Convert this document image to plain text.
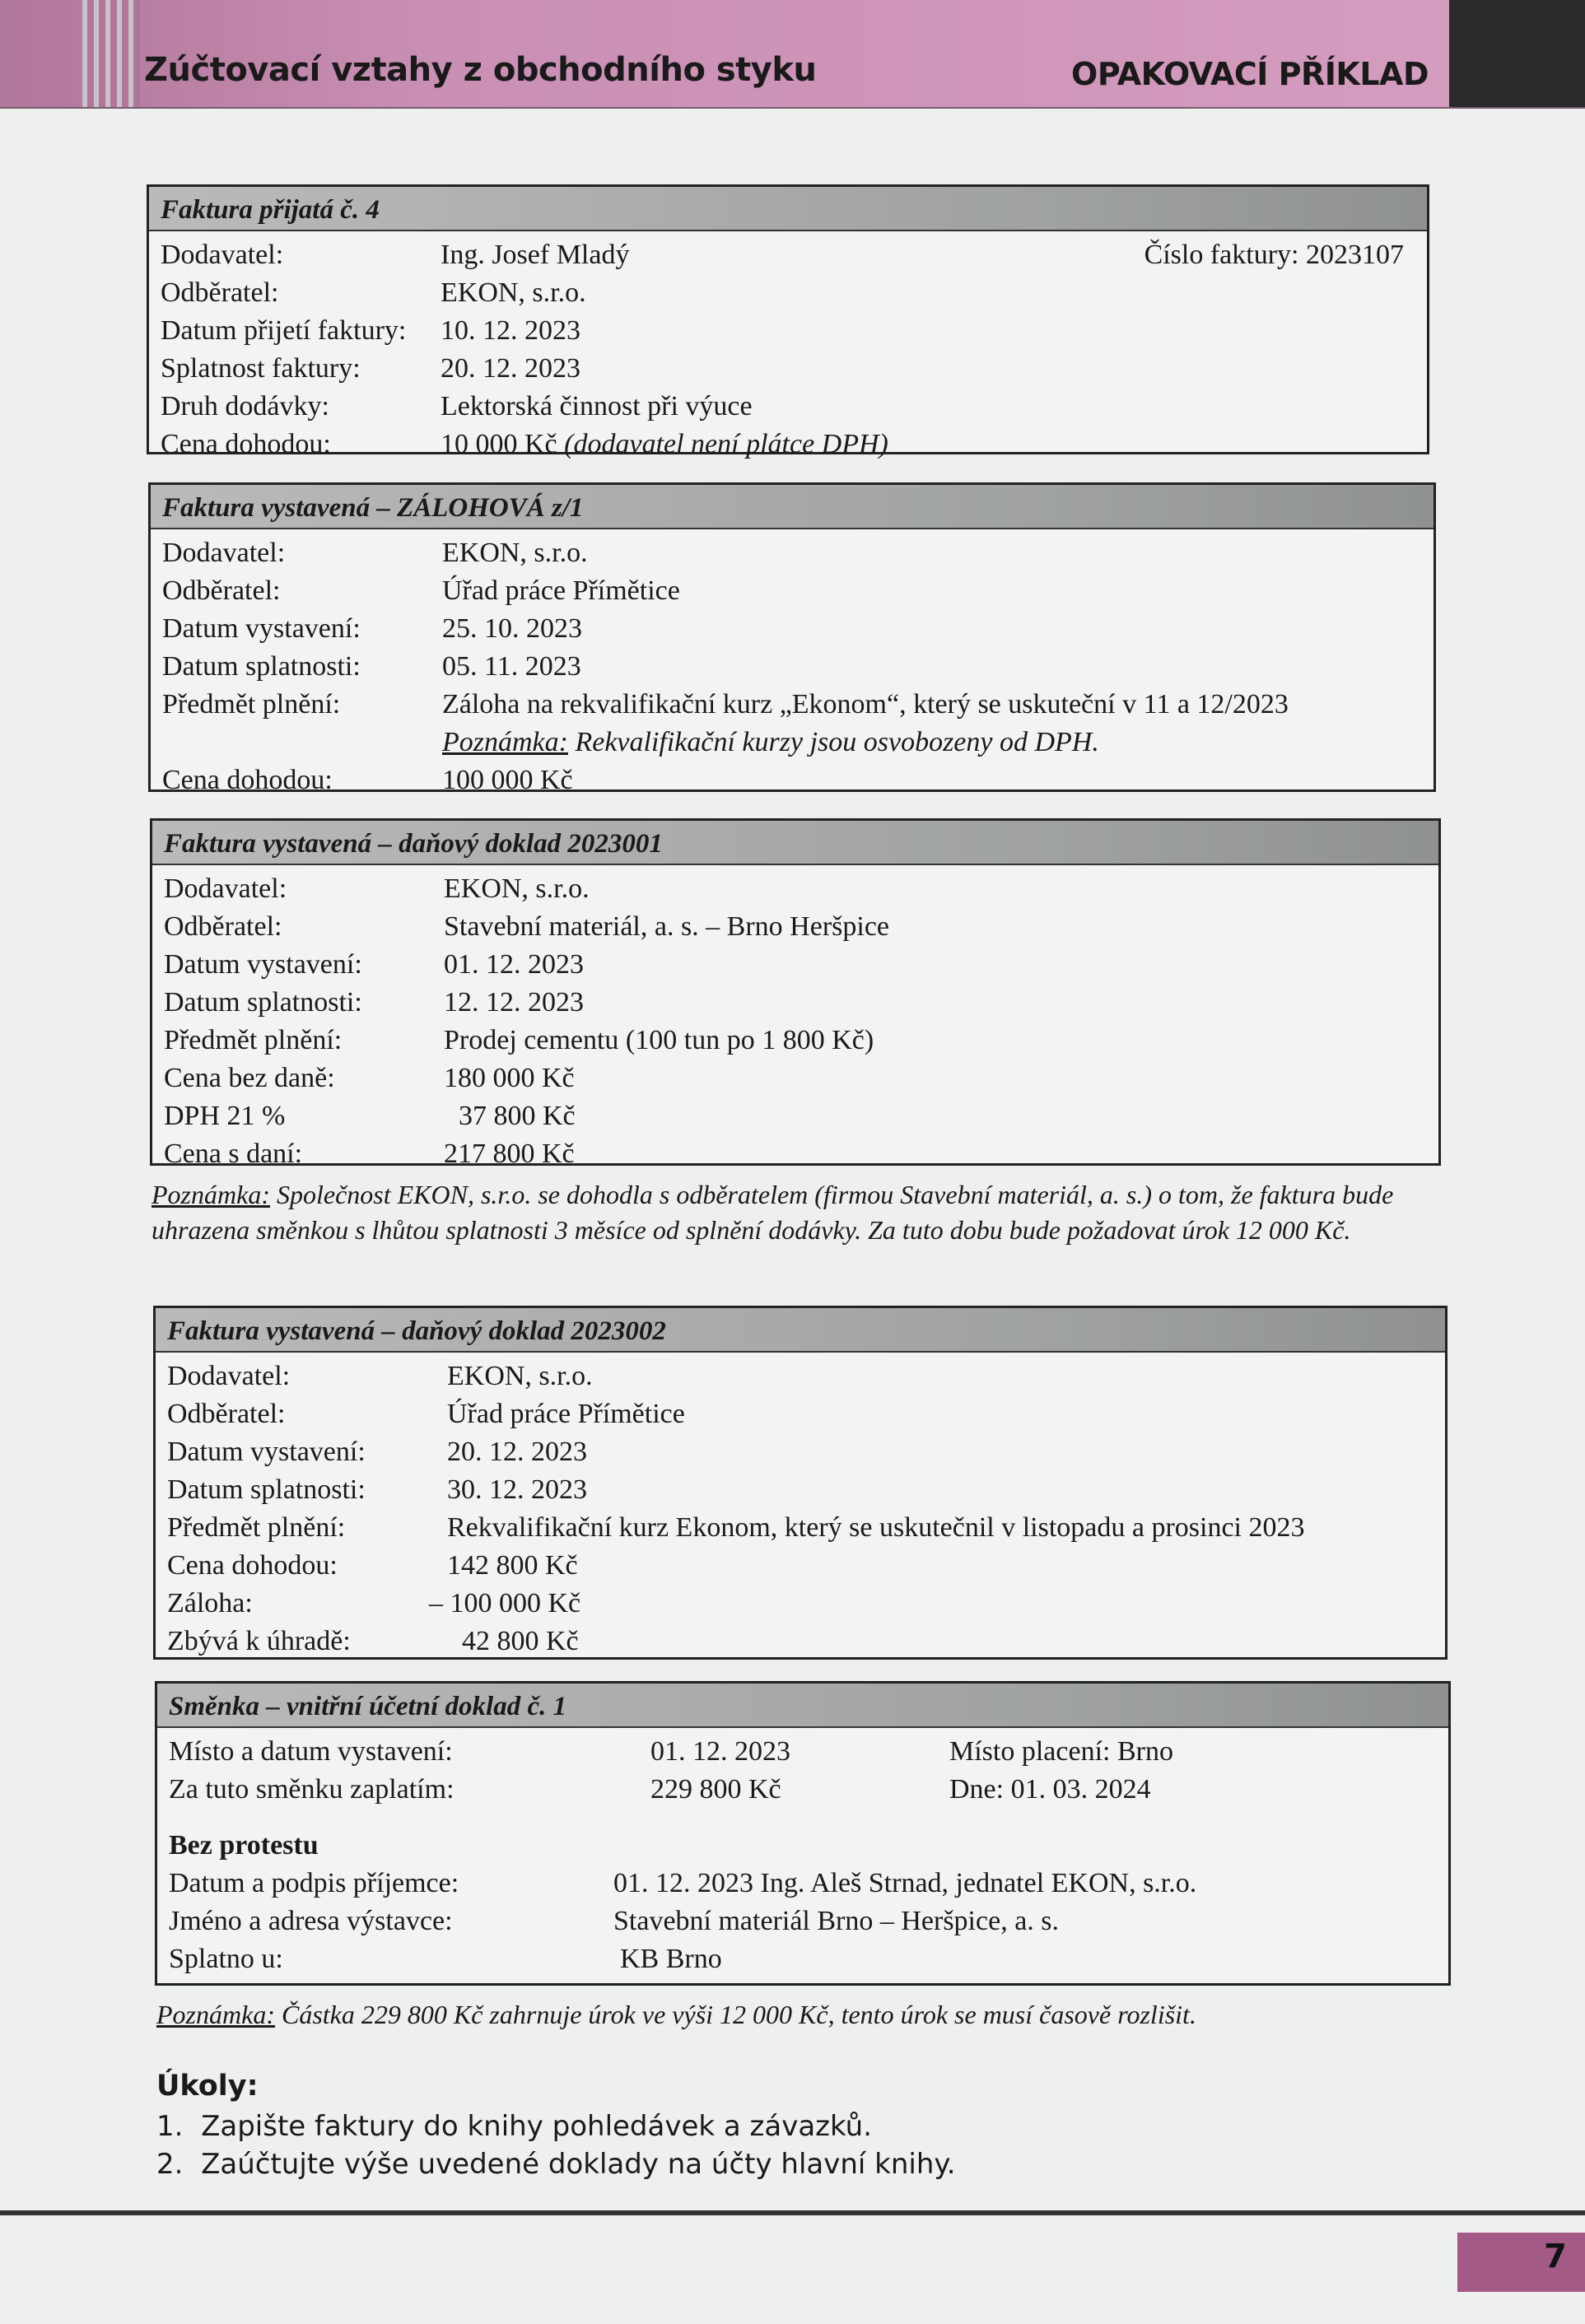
Zúčtovací vztahy z obchodního styku	OPAKOVACÍ PŘÍKLAD
Faktura přijatá č. 4
Dodavatel:	Ing. Josef Mladý	Číslo faktury: 2023107
Odběratel:	EKON, s.r.o.
Datum přijetí faktury: 10. 12. 2023
Splatnost faktury:	20. 12. 2023
Druh dodávky:	Lektorská činnost při výuce
Cena dohodou:	10 000 Kč (dodavatel není plátce DPH)
Faktura vystavená – ZÁLOHOVÁ z/1
Dodavatel:	EKON, s.r.o.
Odběratel:	Úřad práce Přímětice
Datum vystavení:	25. 10. 2023
Datum splatnosti:	05. 11. 2023
Předmět plnění:	Záloha na rekvalifikační kurz „Ekonom“, který se uskuteční v 11 a 12/2023
Poznámka: Rekvalifikační kurzy jsou osvobozeny od DPH.
Cena dohodou:	100 000 Kč
Faktura vystavená – daňový doklad 2023001
Dodavatel:	EKON, s.r.o.
Odběratel:	Stavební materiál, a. s. – Brno Heršpice
Datum vystavení:	01. 12. 2023
Datum splatnosti:	12. 12. 2023
Předmět plnění:	Prodej cementu (100 tun po 1 800 Kč)
Cena bez daně:	180 000 Kč
DPH 21 %	37 800 Kč
Cena s daní:	217 800 Kč
Poznámka: Společnost EKON, s.r.o. se dohodla s odběratelem (firmou Stavební materiál, a. s.) o tom, že faktura bude uhrazena směnkou s lhůtou splatnosti 3 měsíce od splnění dodávky. Za tuto dobu bude požadovat úrok 12 000 Kč.
Faktura vystavená – daňový doklad 2023002
Dodavatel:	EKON, s.r.o.
Odběratel:	Úřad práce Přímětice
Datum vystavení:	20. 12. 2023
Datum splatnosti:	30. 12. 2023
Předmět plnění:	Rekvalifikační kurz Ekonom, který se uskutečnil v listopadu a prosinci 2023
Cena dohodou:	142 800 Kč
Záloha:	– 100 000 Kč
Zbývá k úhradě:	42 800 Kč
Směnka – vnitřní účetní doklad č. 1
Místo a datum vystavení:	01. 12. 2023	Místo placení: Brno
Za tuto směnku zaplatím:	229 800 Kč	Dne: 01. 03. 2024
Bez protestu
Datum a podpis příjemce:	01. 12. 2023 Ing. Aleš Strnad, jednatel EKON, s.r.o.
Jméno a adresa výstavce:	Stavební materiál Brno – Heršpice, a. s.
Splatno u:	KB Brno
Poznámka: Částka 229 800 Kč zahrnuje úrok ve výši 12 000 Kč, tento úrok se musí časově rozlišit.
Úkoly:
1. Zapište faktury do knihy pohledávek a závazků.
2. Zaúčtujte výše uvedené doklady na účty hlavní knihy.
7
